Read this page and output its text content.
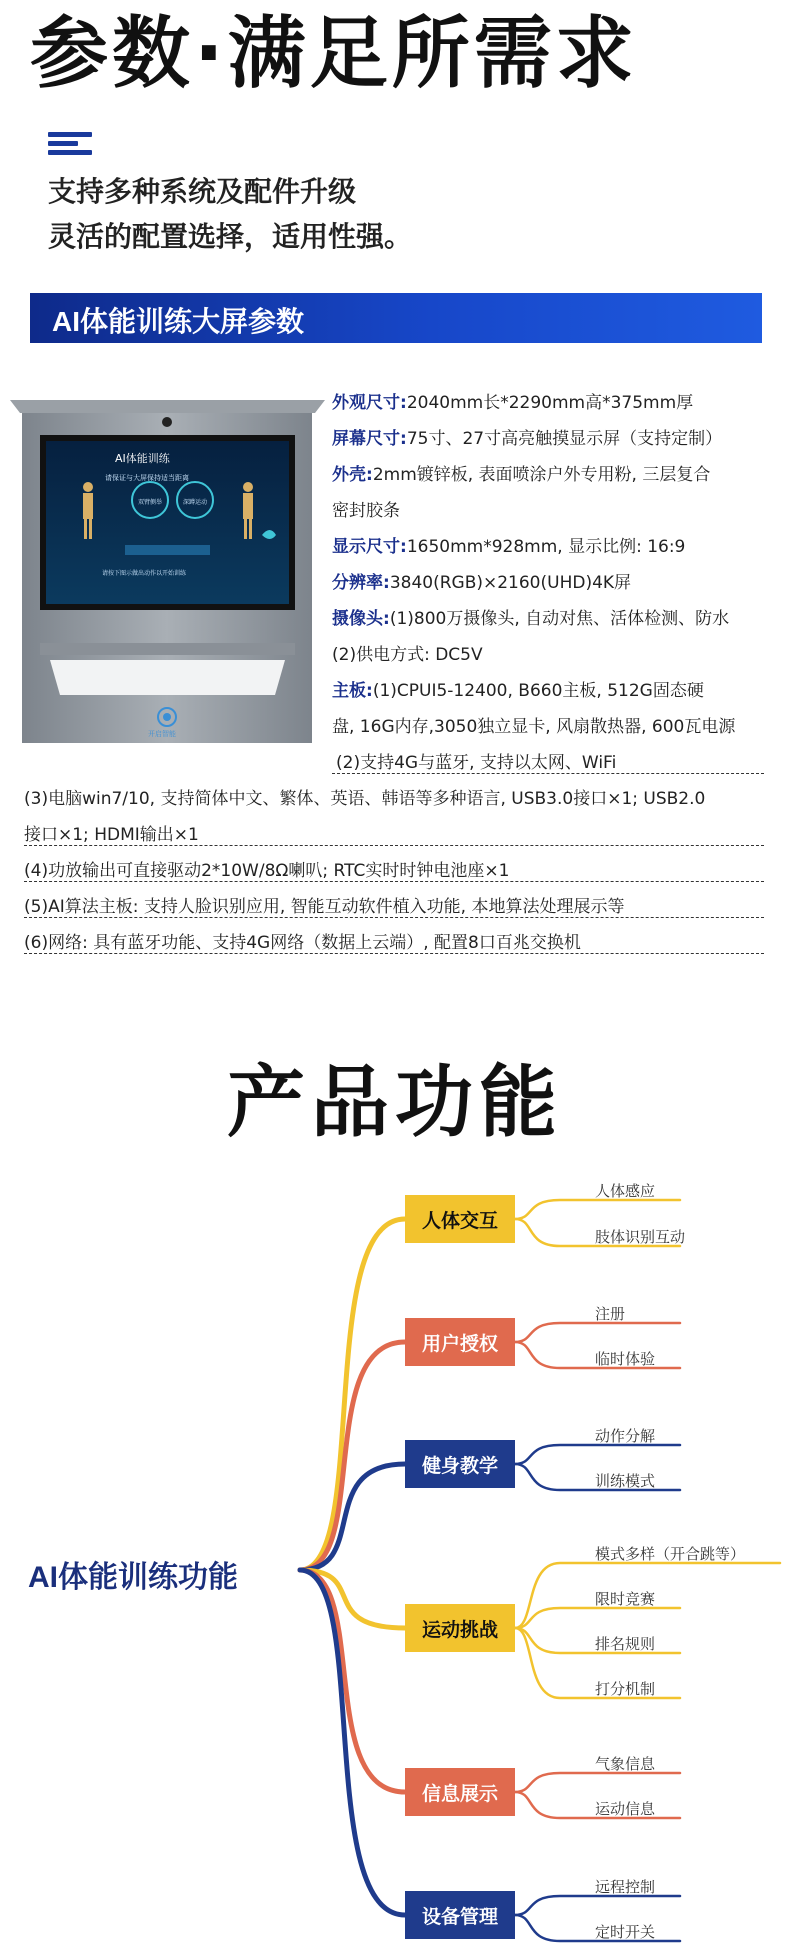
参数·满足所需求
支持多种系统及配件升级
灵活的配置选择，适用性强。
AI体能训练大屏参数
AI体能训练
请保证与大屏保持适当距离
双臂侧举	深蹲运动
请按下图示做出动作以开始训练
开启智能
外观尺寸:2040mm长*2290mm高*375mm厚
屏幕尺寸:75寸、27寸高亮触摸显示屏（支持定制）
外壳:2mm镀锌板, 表面喷涂户外专用粉, 三层复合
密封胶条
显示尺寸:1650mm*928mm, 显示比例: 16:9
分辨率:3840(RGB)×2160(UHD)4K屏
摄像头:(1)800万摄像头, 自动对焦、活体检测、防水
(2)供电方式: DC5V
主板:(1)CPUI5-12400, B660主板, 512G固态硬
盘, 16G内存,3050独立显卡, 风扇散热器, 600瓦电源
(2)支持4G与蓝牙, 支持以太网、WiFi
(3)电脑win7/10, 支持简体中文、繁体、英语、韩语等多种语言, USB3.0接口×1; USB2.0
接口×1; HDMI输出×1
(4)功放输出可直接驱动2*10W/8Ω喇叭; RTC实时时钟电池座×1
(5)AI算法主板: 支持人脸识别应用, 智能互动软件植入功能, 本地算法处理展示等
(6)网络: 具有蓝牙功能、支持4G网络（数据上云端）, 配置8口百兆交换机
产品功能
AI体能训练功能
人体感应
肢体识别互动
人体交互
注册
临时体验
用户授权
动作分解
训练模式
健身教学
模式多样（开合跳等）
限时竞赛
排名规则
打分机制
运动挑战
气象信息
运动信息
信息展示
远程控制
定时开关
设备管理
